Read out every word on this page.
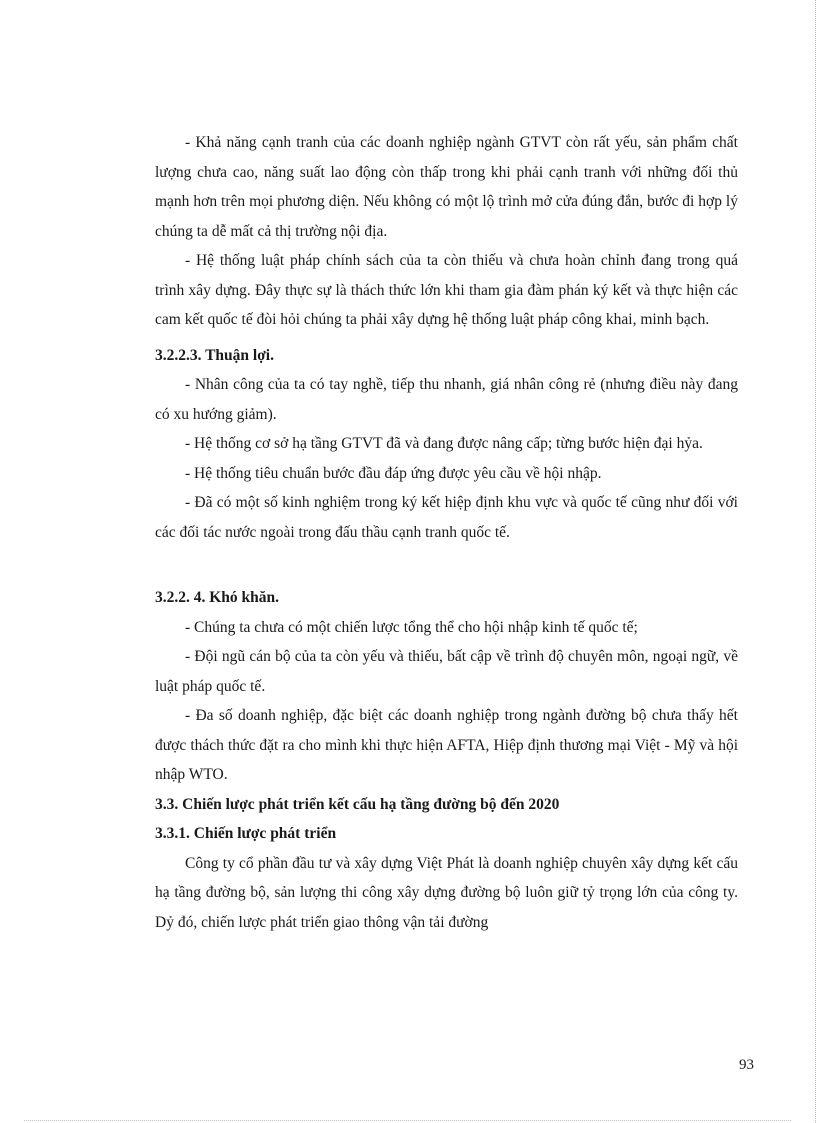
- Khả năng cạnh tranh của các doanh nghiệp ngành GTVT còn rất yếu, sản phẩm chất lượng chưa cao, năng suất lao động còn thấp trong khi phải cạnh tranh với những đối thủ mạnh hơn trên mọi phương diện. Nếu không có một lộ trình mở cửa đúng đắn, bước đi hợp lý chúng ta dễ mất cả thị trường nội địa.

- Hệ thống luật pháp chính sách của ta còn thiếu và chưa hoàn chỉnh đang trong quá trình xây dựng. Đây thực sự là thách thức lớn khi tham gia đàm phán ký kết và thực hiện các cam kết quốc tế đòi hỏi chúng ta phải xây dựng hệ thống luật pháp công khai, minh bạch.

3.2.2.3. Thuận lợi.

- Nhân công của ta có tay nghề, tiếp thu nhanh, giá nhân công rẻ (nhưng điều này đang có xu hướng giảm).

- Hệ thống cơ sở hạ tầng GTVT đã và đang được nâng cấp; từng bước hiện đại hỷa.

- Hệ thống tiêu chuẩn bước đầu đáp ứng được yêu cầu về hội nhập.

- Đã có một số kinh nghiệm trong ký kết hiệp định khu vực và quốc tế cũng như đối với các đối tác nước ngoài trong đấu thầu cạnh tranh quốc tế.

3.2.2. 4. Khó khăn.

- Chúng ta chưa có một chiến lược tổng thể cho hội nhập kinh tế quốc tế;

- Đội ngũ cán bộ của ta còn yếu và thiếu, bất cập về trình độ chuyên môn, ngoại ngữ, về luật pháp quốc tế.

- Đa số doanh nghiệp, đặc biệt các doanh nghiệp trong ngành đường bộ chưa thấy hết được thách thức đặt ra cho mình khi thực hiện AFTA, Hiệp định thương mại Việt - Mỹ và hội nhập WTO.

3.3. Chiến lược phát triển kết cấu hạ tầng đường bộ đến 2020

3.3.1. Chiến lược phát triển

Công ty cổ phần đầu tư và xây dựng Việt Phát là doanh nghiệp chuyên xây dựng kết cấu hạ tầng đường bộ, sản lượng thi công xây dựng đường bộ luôn giữ tỷ trọng lớn của công ty. Dỷ đó, chiến lược phát triển giao thông vận tải đường

93
